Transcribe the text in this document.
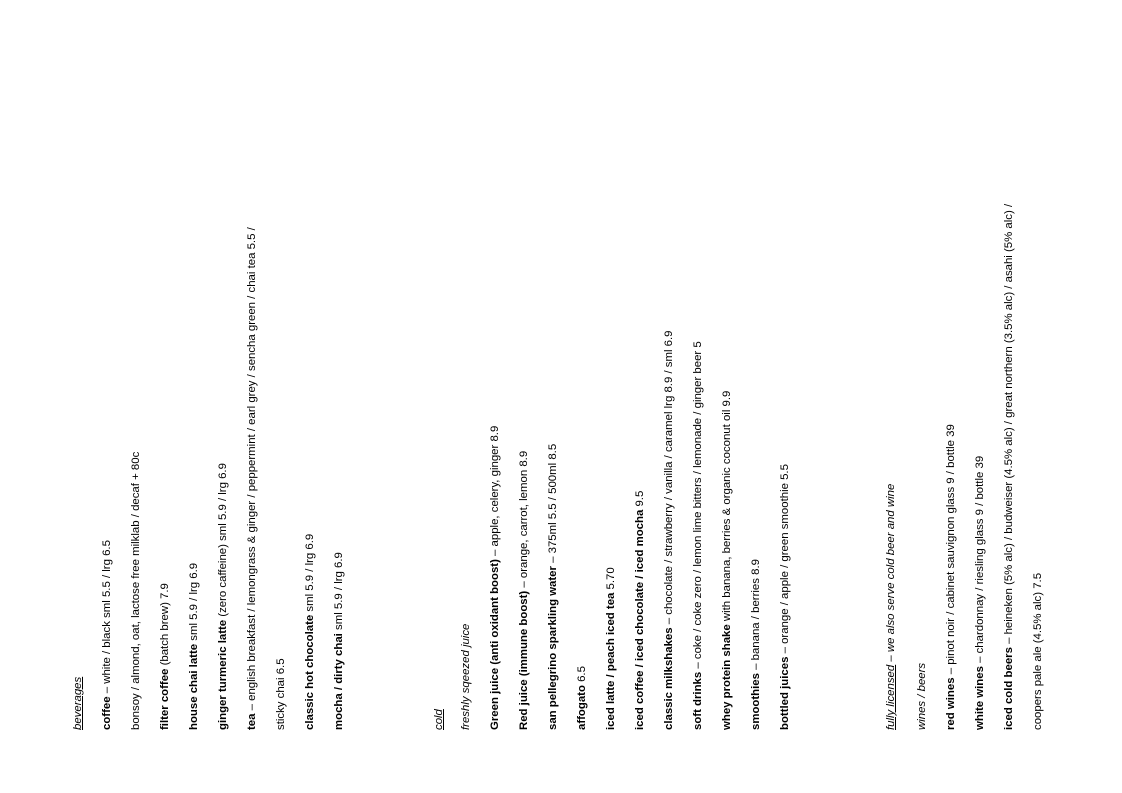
beverages coffee – white / black sml 5.5 / lrg 6.5 bonsoy / almond, oat, lactose free milklab / decaf + 80c filter coffee (batch brew) 7.9
house chai latte sml 5.9 / lrg 6.9
ginger turmeric latte (zero caffeine) sml 5.9 / lrg 6.9
tea – english breakfast / lemongrass & ginger / peppermint / earl grey / sencha green / chai tea 5.5 / sticky chai 6.5 classic hot chocolate sml 5.9 / lrg 6.9
mocha / dirty chai sml 5.9 / lrg 6.9
cold freshly sqeezed juice Green juice (anti oxidant boost) – apple, celery, ginger 8.9
Red juice (immune boost) – orange, carrot, lemon 8.9
san pellegrino sparkling water – 375ml 5.5 / 500ml 8.5
affogato 6.5 iced latte / peach iced tea 5.70 iced coffee / iced chocolate / iced mocha 9.5
classic milkshakes – chocolate / strawberry / vanilla / caramel lrg 8.9 / sml 6.9
soft drinks – coke / coke zero / lemon lime bitters / lemonade / ginger beer 5
whey protein shake with banana, berries & organic coconut oil 9.9
smoothies – banana / berries 8.9
bottled juices – orange / apple / green smoothie 5.5
fully licensed – we also serve cold beer and wine
wines / beers red wines – pinot noir / cabinet sauvignon glass 9 / bottle 39
white wines – chardonnay / riesling glass 9 / bottle 39
iced cold beers – heineken (5% alc) / budweiser (4.5% alc) / great northern (3.5% alc) / asahi (5% alc) /
coopers pale ale (4.5% alc) 7.5
